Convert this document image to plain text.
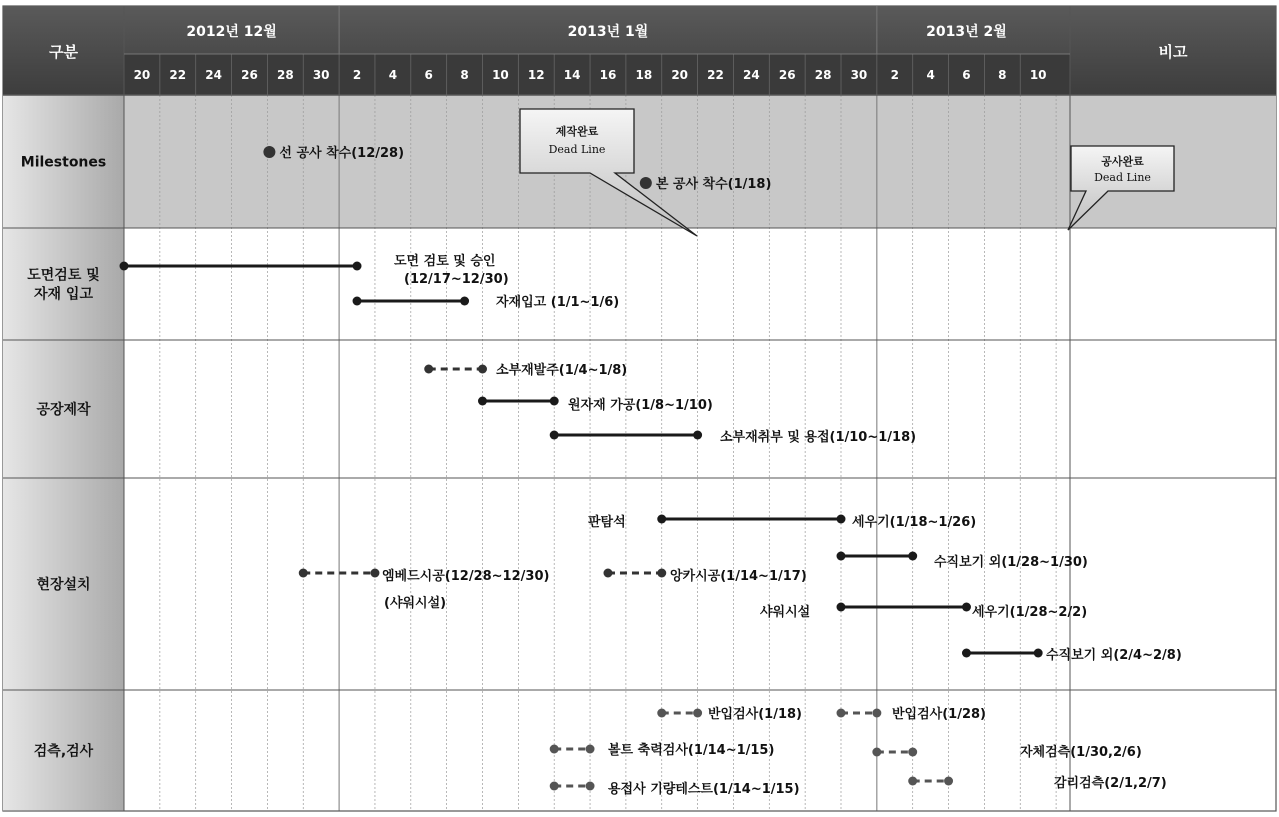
구분	비고
2012년 12월	2013년 1월	2013년 2월
20 22 24 26 28 30 2 4 6 8 10 12 14 16 18 20 22 24 26 28 30 2 4 6 8 10
Milestones
도면검토 및
자재 입고
공장제작
현장설치
검측,검사
선 공사 착수(12/28)
본 공사 착수(1/18)
도면 검토 및 승인
(12/17~12/30)
자재입고 (1/1~1/6)
소부재발주(1/4~1/8)
원자재 가공(1/8~1/10)
소부재취부 및 용접(1/10~1/18)
세우기(1/18~1/26)
판탐석
수직보기 외(1/28~1/30)
엠베드시공(12/28~12/30)
(샤워시설)
앙카시공(1/14~1/17)
세우기(1/28~2/2)
샤워시설
수직보기 외(2/4~2/8)
반입검사(1/18)	반입검사(1/28)
볼트 축력검사(1/14~1/15)	자체검측(1/30,2/6)
용접사 기량테스트(1/14~1/15)	감리검측(2/1,2/7)
제작완료
Dead Line
공사완료
Dead Line
